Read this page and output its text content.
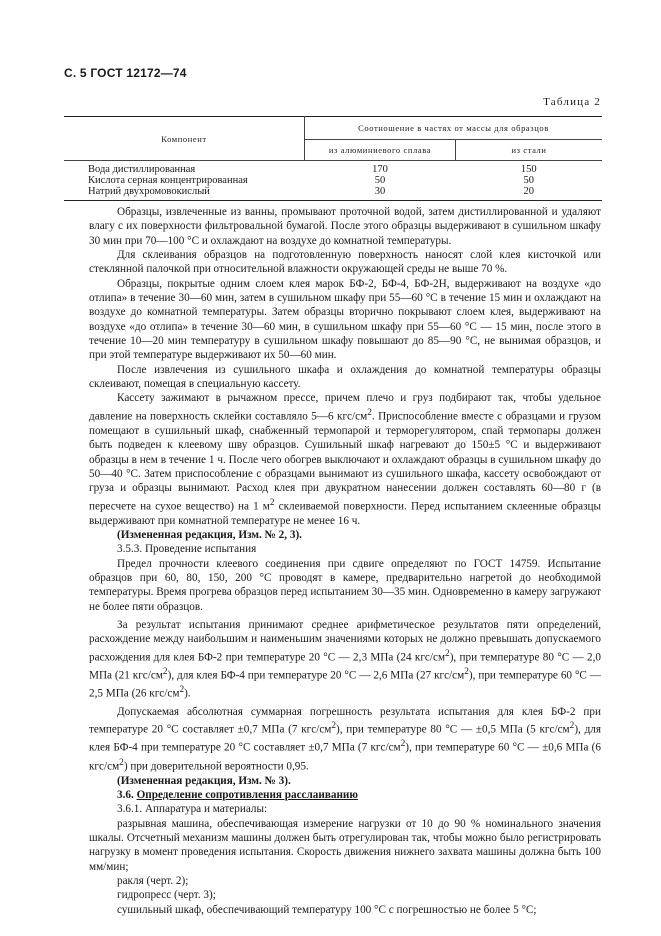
С. 5 ГОСТ 12172—74
Таблица 2
Компонент	Соотношение в частях от массы для образцов	
	из алюминиевого сплава	из стали
Вода дистиллированная	170	150
Кислота серная концентрированная	50	50
Натрий двухромовокислый	30	20

Образцы, извлеченные из ванны, промывают проточной водой, затем дистиллированной и удаляют влагу с их поверхности фильтровальной бумагой. После этого образцы выдерживают в сушильном шкафу 30 мин при 70—100 °С и охлаждают на воздухе до комнатной температуры.

Для склеивания образцов на подготовленную поверхность наносят слой клея кисточкой или стеклянной палочкой при относительной влажности окружающей среды не выше 70 %.

Образцы, покрытые одним слоем клея марок БФ-2, БФ-4, БФ-2Н, выдерживают на воздухе «до отлипа» в течение 30—60 мин, затем в сушильном шкафу при 55—60 °С в течение 15 мин и охлаждают на воздухе до комнатной температуры. Затем образцы вторично покрывают слоем клея, выдерживают на воздухе «до отлипа» в течение 30—60 мин, в сушильном шкафу при 55—60 °С — 15 мин, после этого в течение 10—20 мин температуру в сушильном шкафу повышают до 85—90 °С, не вынимая образцов, и при этой температуре выдерживают их 50—60 мин.

После извлечения из сушильного шкафа и охлаждения до комнатной температуры образцы склеивают, помещая в специальную кассету.

Кассету зажимают в рычажном прессе, причем плечо и груз подбирают так, чтобы удельное давление на поверхность склейки составляло 5—6 кгс/$см^2$. Приспособление вместе с образцами и грузом помещают в сушильный шкаф, снабженный термопарой и терморегулятором, спай термопары должен быть подведен к клеевому шву образцов. Сушильный шкаф нагревают до 150±5 °С и выдерживают образцы в нем в течение 1 ч. После чего обогрев выключают и охлаждают образцы в сушильном шкафу до 50—40 °С. Затем приспособление с образцами вынимают из сушильного шкафа, кассету освобождают от груза и образцы вынимают. Расход клея при двукратном нанесении должен составлять 60—80 г (в пересчете на сухое вещество) на 1 $м^2$ склеиваемой поверхности. Перед испытанием склеенные образцы выдерживают при комнатной температуре не менее 16 ч.

(Измененная редакция, Изм. № 2, 3).

3.5.3. Проведение испытания

Предел прочности клеевого соединения при сдвиге определяют по ГОСТ 14759. Испытание образцов при 60, 80, 150, 200 °С проводят в камере, предварительно нагретой до необходимой температуры. Время прогрева образцов перед испытанием 30—35 мин. Одновременно в камеру загружают не более пяти образцов.

За результат испытания принимают среднее арифметическое результатов пяти определений, расхождение между наибольшим и наименьшим значениями которых не должно превышать допускаемого расхождения для клея БФ-2 при температуре 20 °С — 2,3 МПа (24 кгс/$см^2$), при температуре 80 °С — 2,0 МПа (21 кгс/$см^2$), для клея БФ-4 при температуре 20 °С — 2,6 МПа (27 кгс/$см^2$), при температуре 60 °С — 2,5 МПа (26 кгс/$см^2$).

Допускаемая абсолютная суммарная погрешность результата испытания для клея БФ-2 при температуре 20 °С составляет ±0,7 МПа (7 кгс/$см^2$), при температуре 80 °С — ±0,5 МПа (5 кгс/$см^2$), для клея БФ-4 при температуре 20 °С составляет ±0,7 МПа (7 кгс/$см^2$), при температуре 60 °С — ±0,6 МПа (6 кгс/$см^2$) при доверительной вероятности 0,95.

(Измененная редакция, Изм. № 3).

3.6. Определение сопротивления расслаиванию

3.6.1. Аппаратура и материалы:

разрывная машина, обеспечивающая измерение нагрузки от 10 до 90 % номинального значения шкалы. Отсчетный механизм машины должен быть отрегулирован так, чтобы можно было регистрировать нагрузку в момент проведения испытания. Скорость движения нижнего захвата машины должна быть 100 мм/мин;

ракля (черт. 2);

гидропресс (черт. 3);

сушильный шкаф, обеспечивающий температуру 100 °С с погрешностью не более 5 °С;
